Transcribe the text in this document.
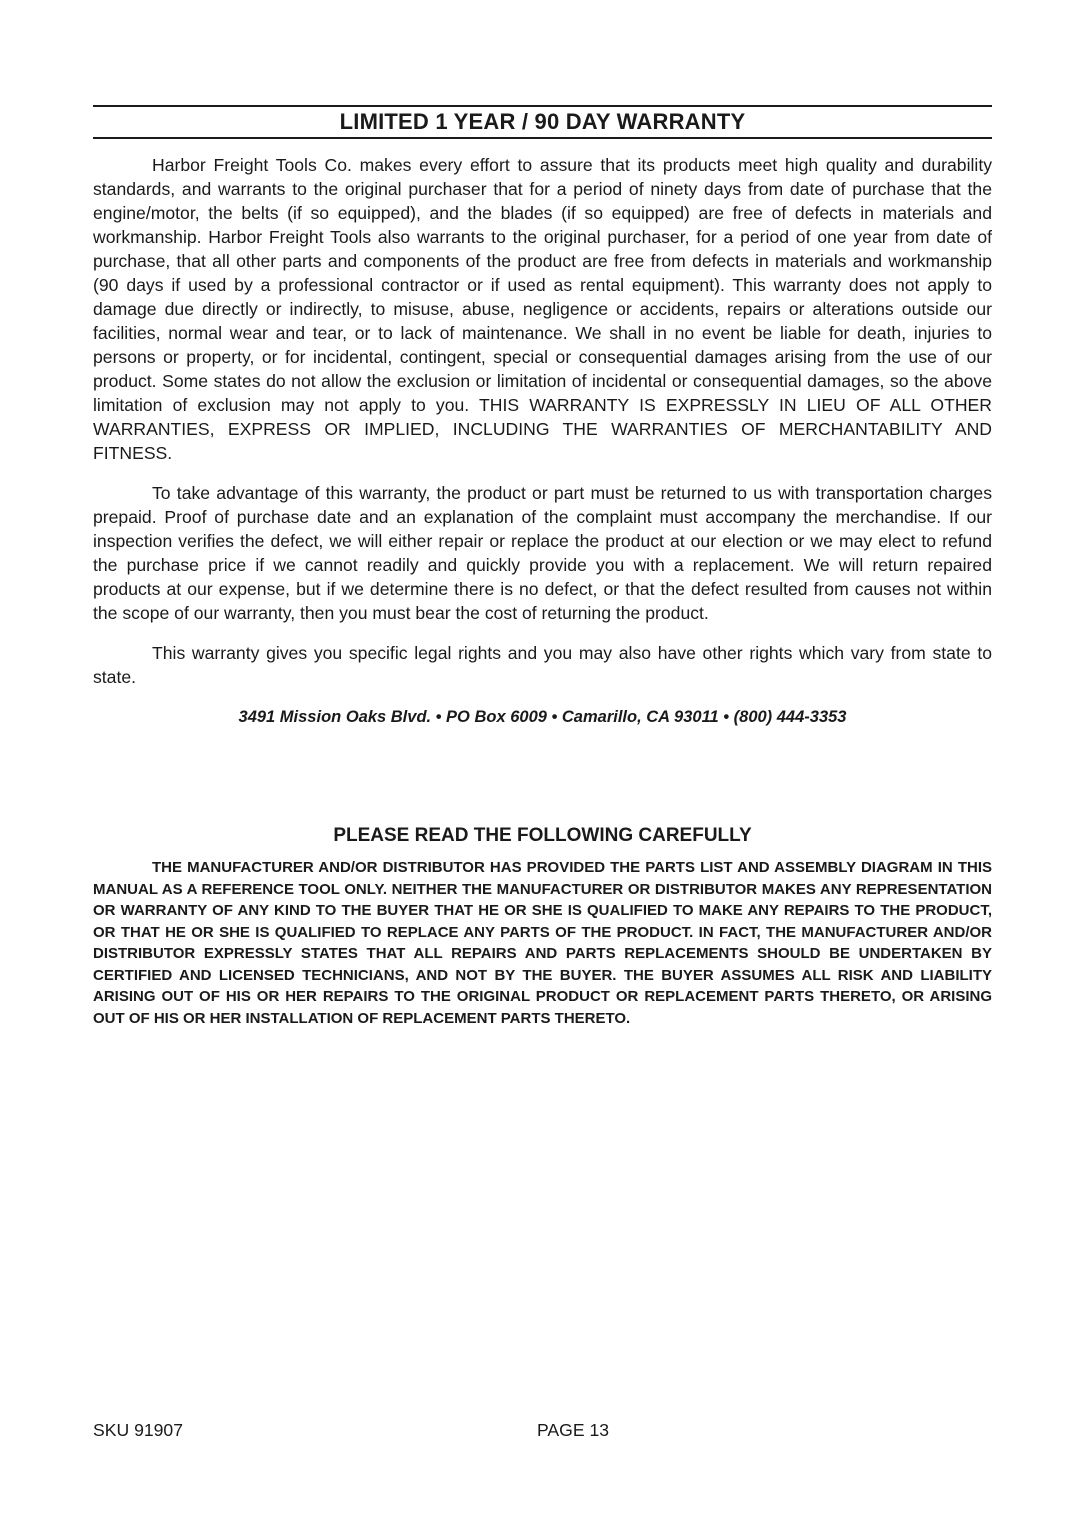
LIMITED 1 YEAR / 90 DAY WARRANTY

Harbor Freight Tools Co. makes every effort to assure that its products meet high quality and durability standards, and warrants to the original purchaser that for a period of ninety days from date of purchase that the engine/motor, the belts (if so equipped), and the blades (if so equipped) are free of defects in materials and workmanship. Harbor Freight Tools also warrants to the original purchaser, for a period of one year from date of purchase, that all other parts and components of the product are free from defects in materials and workmanship (90 days if used by a professional contractor or if used as rental equipment). This warranty does not apply to damage due directly or indirectly, to misuse, abuse, negligence or accidents, repairs or alterations outside our facilities, normal wear and tear, or to lack of maintenance. We shall in no event be liable for death, injuries to persons or property, or for incidental, contingent, special or consequential damages arising from the use of our product. Some states do not allow the exclusion or limitation of incidental or consequential damages, so the above limitation of exclusion may not apply to you. THIS WARRANTY IS EXPRESSLY IN LIEU OF ALL OTHER WARRANTIES, EXPRESS OR IMPLIED, INCLUDING THE WARRANTIES OF MERCHANTABILITY AND FITNESS.

To take advantage of this warranty, the product or part must be returned to us with transportation charges prepaid. Proof of purchase date and an explanation of the complaint must accompany the merchandise. If our inspection verifies the defect, we will either repair or replace the product at our election or we may elect to refund the purchase price if we cannot readily and quickly provide you with a replacement. We will return repaired products at our expense, but if we determine there is no defect, or that the defect resulted from causes not within the scope of our warranty, then you must bear the cost of returning the product.

This warranty gives you specific legal rights and you may also have other rights which vary from state to state.

3491 Mission Oaks Blvd. • PO Box 6009 • Camarillo, CA 93011 • (800) 444-3353
PLEASE READ THE FOLLOWING CAREFULLY
THE MANUFACTURER AND/OR DISTRIBUTOR HAS PROVIDED THE PARTS LIST AND ASSEMBLY DIAGRAM IN THIS MANUAL AS A REFERENCE TOOL ONLY. NEITHER THE MANUFACTURER OR DISTRIBUTOR MAKES ANY REPRESENTATION OR WARRANTY OF ANY KIND TO THE BUYER THAT HE OR SHE IS QUALIFIED TO MAKE ANY REPAIRS TO THE PRODUCT, OR THAT HE OR SHE IS QUALIFIED TO REPLACE ANY PARTS OF THE PRODUCT. IN FACT, THE MANUFACTURER AND/OR DISTRIBUTOR EXPRESSLY STATES THAT ALL REPAIRS AND PARTS REPLACEMENTS SHOULD BE UNDERTAKEN BY CERTIFIED AND LICENSED TECHNICIANS, AND NOT BY THE BUYER. THE BUYER ASSUMES ALL RISK AND LIABILITY ARISING OUT OF HIS OR HER REPAIRS TO THE ORIGINAL PRODUCT OR REPLACEMENT PARTS THERETO, OR ARISING OUT OF HIS OR HER INSTALLATION OF REPLACEMENT PARTS THERETO.
SKU 91907	PAGE 13
